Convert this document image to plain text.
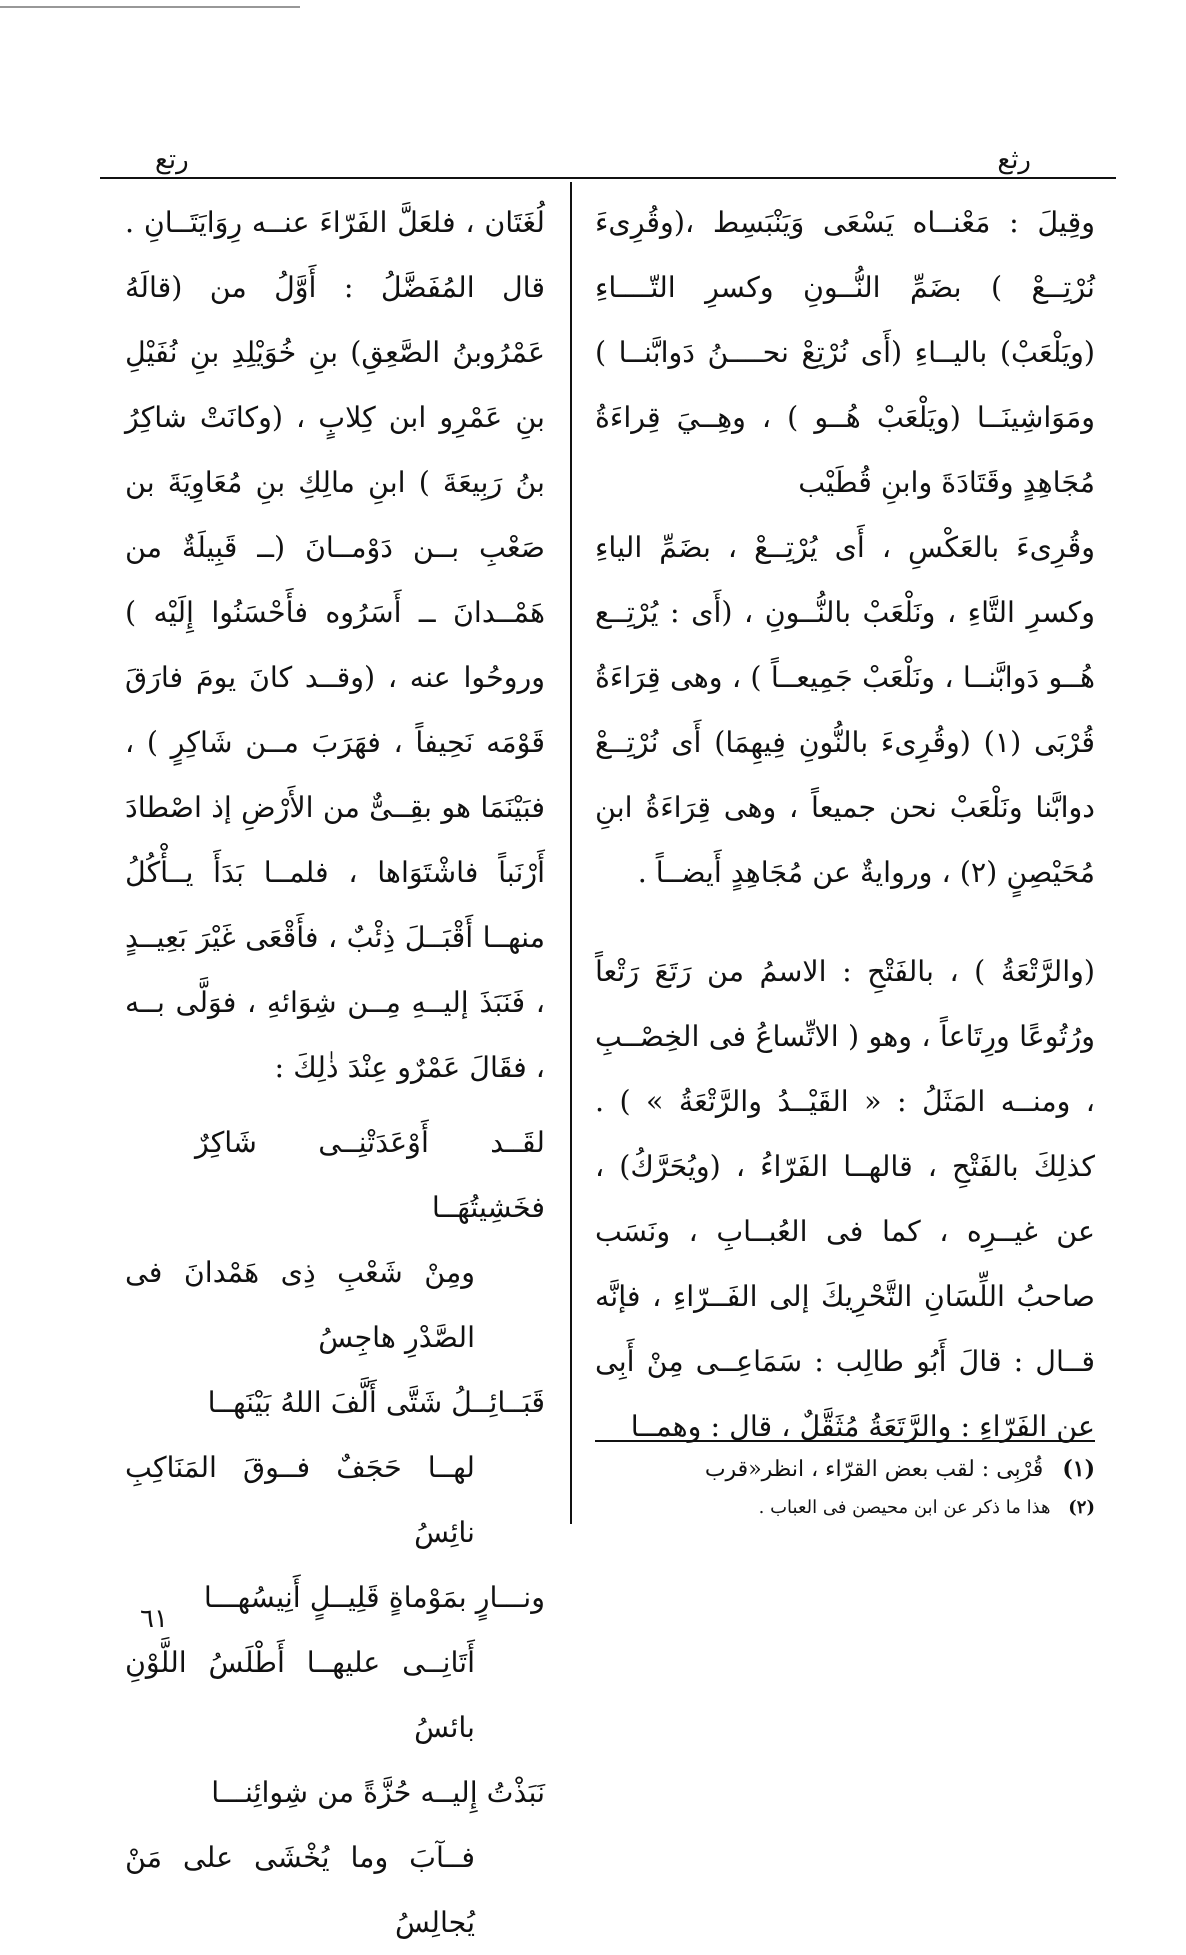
رثع
رتع

وقِيلَ : مَعْنــاه يَسْعَى وَيَنْبَسِط ،(وقُرِىءَ نُرْتِــعْ ) بضَمِّ النُّــونِ وكسرِ التّــــاءِ (ويَلْعَبْ) باليــاءِ (أَى نُرْتِعْ نحــــنُ دَوابَّنــا ) ومَوَاشِينَــا (ويَلْعَبْ هُــو ) ، وهِــيَ قِراءَةُ مُجَاهِدٍ وقَتَادَةَ وابنِ قُطَيْب

وقُرِىءَ بالعَكْسِ ، أَى يُرْتِــعْ ، بضَمِّ الياءِ وكسرِ التَّاءِ ، ونَلْعَبْ بالنُّــونِ ، (أَى : يُرْتِــع هُــو دَوابَّنــا ، ونَلْعَبْ جَمِيعــاً ) ، وهى قِرَاءَةُ قُرْبَى (١) (وقُرِىءَ بالنُّونِ فِيهِمَا) أَى نُرْتِــعْ دوابَّنا ونَلْعَبْ نحن جميعاً ، وهى قِرَاءَةُ ابنِ مُحَيْصِنٍ (٢) ، وروايةٌ عن مُجَاهِدٍ أَيضــاً .

(والرَّتْعَةُ ) ، بالفَتْحِ : الاسمُ من رَتَعَ رَتْعاً ورُتُوعًا ورِتَاعاً ، وهو ( الاتِّساعُ فى الخِصْــبِ ، ومنــه المَثَلُ : « القَيْــدُ والرَّتْعَةُ » ) . كذلِكَ بالفَتْحِ ، قالهــا الفَرّاءُ ، (ويُحَرَّكُ) ، عن غيــرِه ، كما فى العُبــابِ ، ونَسَب صاحبُ اللِّسَانِ التَّحْرِيكَ إلى الفَــرّاءِ ، فإنَّه قــال : قالَ أَبُو طالِب : سَمَاعِــى مِنْ أَبِى عن الفَرّاءِ : والرَّتَعَةُ مُثَقَّلٌ ، قال : وهمــا

لُغَتَان ، فلعَلَّ الفَرّاءَ عنــه رِوَايَتَــانِ . قال المُفَضَّلُ : أَوَّلُ من (قالَهُ عَمْرُوبنُ الصَّعِقِ) بنِ خُوَيْلِدِ بنِ نُفَيْلِ بنِ عَمْرِو ابن كِلابٍ ، (وكانَتْ شاكِرُ بنُ رَبِيعَةَ ) ابنِ مالِكِ بنِ مُعَاوِيَةَ بن صَعْبِ بــن دَوْمــانَ (ــ قَبِيلَةٌ من هَمْــدانَ ــ أَسَرُوه فأَحْسَنُوا إِلَيْه ) وروحُوا عنه ، (وقــد كانَ يومَ فارَقَ قَوْمَه نَحِيفاً ، فهَرَبَ مــن شَاكِرٍ ) ، فبَيْنَمَا هو بقِــىٌّ من الأَرْضِ إذ اصْطادَ أَرْنَباً فاشْتَوَاها ، فلمــا بَدَأَ يــأْكُلُ منهــا أَقْبَــلَ ذِئْبٌ ، فأَقْعَى غَيْرَ بَعِيــدٍ ، فَنَبَذَ إليــهِ مِــن شِوَائهِ ، فوَلَّى بــه ، فقَالَ عَمْرٌو عِنْدَ ذٰلِكَ :

لقَــد أَوْعَدَتْنِــى شَاكِرٌ فخَشِيتُهَــا
ومِنْ شَعْبِ ذِى هَمْدانَ فى الصَّدْرِ هاجِسُ
قَبَــائِــلُ شَتَّى أَلَّفَ اللهُ بَيْنَهــا
لهــا حَجَفٌ فــوقَ المَنَاكِبِ نائِسُ
ونـــارٍ بمَوْماةٍ قَلِيــلٍ أَنِيسُهـــا
أَتَانِــى عليهــا أَطْلَسُ اللَّوْنِ بائسُ
نَبَذْتُ إِليــه حُزَّةً من شِوائِنـــا
فــآبَ وما يُخْشَى على مَنْ يُجالِسُ

(١) قُرْبِى : لقب بعض القرّاء ، انظر«قرب

(٢) هذا ما ذكر عن ابن محيصن فى العباب .

٦١
